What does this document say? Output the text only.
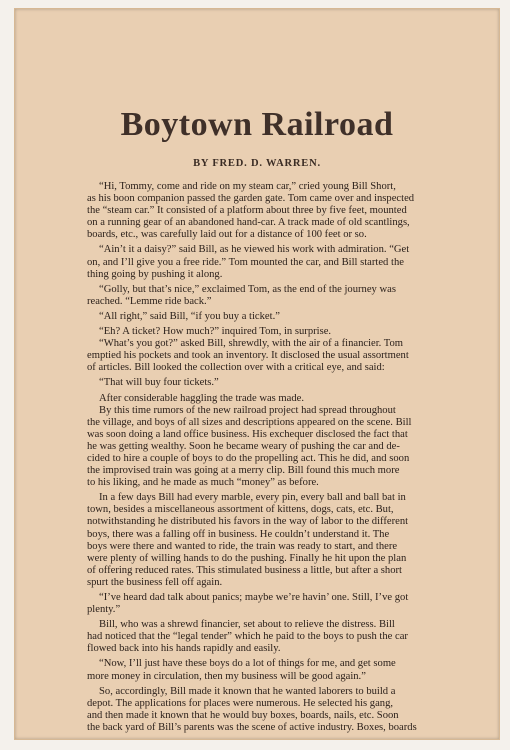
Boytown Railroad
BY FRED. D. WARREN.
“Hi, Tommy, come and ride on my steam car,” cried young Bill Short,
as his boon companion passed the garden gate. Tom came over and inspected
the “steam car.” It consisted of a platform about three by five feet, mounted
on a running gear of an abandoned hand-car. A track made of old scantlings,
boards, etc., was carefully laid out for a distance of 100 feet or so.
“Ain’t it a daisy?” said Bill, as he viewed his work with admiration. “Get
on, and I’ll give you a free ride.” Tom mounted the car, and Bill started the
thing going by pushing it along.
“Golly, but that’s nice,” exclaimed Tom, as the end of the journey was
reached. “Lemme ride back.”
“All right,” said Bill, “if you buy a ticket.”
“Eh? A ticket? How much?” inquired Tom, in surprise.
“What’s you got?” asked Bill, shrewdly, with the air of a financier. Tom
emptied his pockets and took an inventory. It disclosed the usual assortment
of articles. Bill looked the collection over with a critical eye, and said:
“That will buy four tickets.”
After considerable haggling the trade was made.
By this time rumors of the new railroad project had spread throughout
the village, and boys of all sizes and descriptions appeared on the scene. Bill
was soon doing a land office business. His exchequer disclosed the fact that
he was getting wealthy. Soon he became weary of pushing the car and de-
cided to hire a couple of boys to do the propelling act. This he did, and soon
the improvised train was going at a merry clip. Bill found this much more
to his liking, and he made as much “money” as before.
In a few days Bill had every marble, every pin, every ball and ball bat in
town, besides a miscellaneous assortment of kittens, dogs, cats, etc. But,
notwithstanding he distributed his favors in the way of labor to the different
boys, there was a falling off in business. He couldn’t understand it. The
boys were there and wanted to ride, the train was ready to start, and there
were plenty of willing hands to do the pushing. Finally he hit upon the plan
of offering reduced rates. This stimulated business a little, but after a short
spurt the business fell off again.
“I’ve heard dad talk about panics; maybe we’re havin’ one. Still, I’ve got
plenty.”
Bill, who was a shrewd financier, set about to relieve the distress. Bill
had noticed that the “legal tender” which he paid to the boys to push the car
flowed back into his hands rapidly and easily.
“Now, I’ll just have these boys do a lot of things for me, and get some
more money in circulation, then my business will be good again.”
So, accordingly, Bill made it known that he wanted laborers to build a
depot. The applications for places were numerous. He selected his gang,
and then made it known that he would buy boxes, boards, nails, etc. Soon
the back yard of Bill’s parents was the scene of active industry. Boxes, boards
